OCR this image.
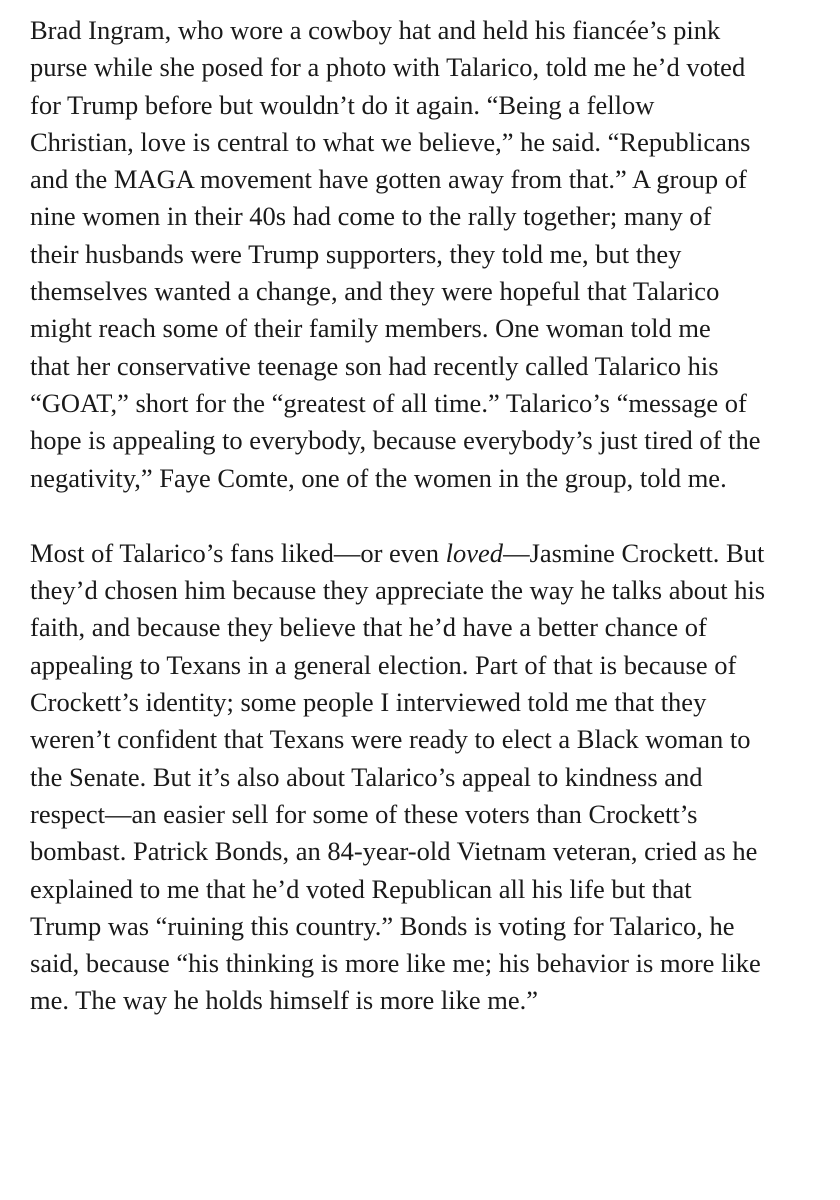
Brad Ingram, who wore a cowboy hat and held his fiancée’s pink
purse while she posed for a photo with Talarico, told me he’d voted
for Trump before but wouldn’t do it again. “Being a fellow
Christian, love is central to what we believe,” he said. “Republicans
and the MAGA movement have gotten away from that.” A group of
nine women in their 40s had come to the rally together; many of
their husbands were Trump supporters, they told me, but they
themselves wanted a change, and they were hopeful that Talarico
might reach some of their family members. One woman told me
that her conservative teenage son had recently called Talarico his
“GOAT,” short for the “greatest of all time.” Talarico’s “message of
hope is appealing to everybody, because everybody’s just tired of the
negativity,” Faye Comte, one of the women in the group, told me.

Most of Talarico’s fans liked—or even loved—Jasmine Crockett. But
they’d chosen him because they appreciate the way he talks about his
faith, and because they believe that he’d have a better chance of
appealing to Texans in a general election. Part of that is because of
Crockett’s identity; some people I interviewed told me that they
weren’t confident that Texans were ready to elect a Black woman to
the Senate. But it’s also about Talarico’s appeal to kindness and
respect—an easier sell for some of these voters than Crockett’s
bombast. Patrick Bonds, an 84-year-old Vietnam veteran, cried as he
explained to me that he’d voted Republican all his life but that
Trump was “ruining this country.” Bonds is voting for Talarico, he
said, because “his thinking is more like me; his behavior is more like
me. The way he holds himself is more like me.”
